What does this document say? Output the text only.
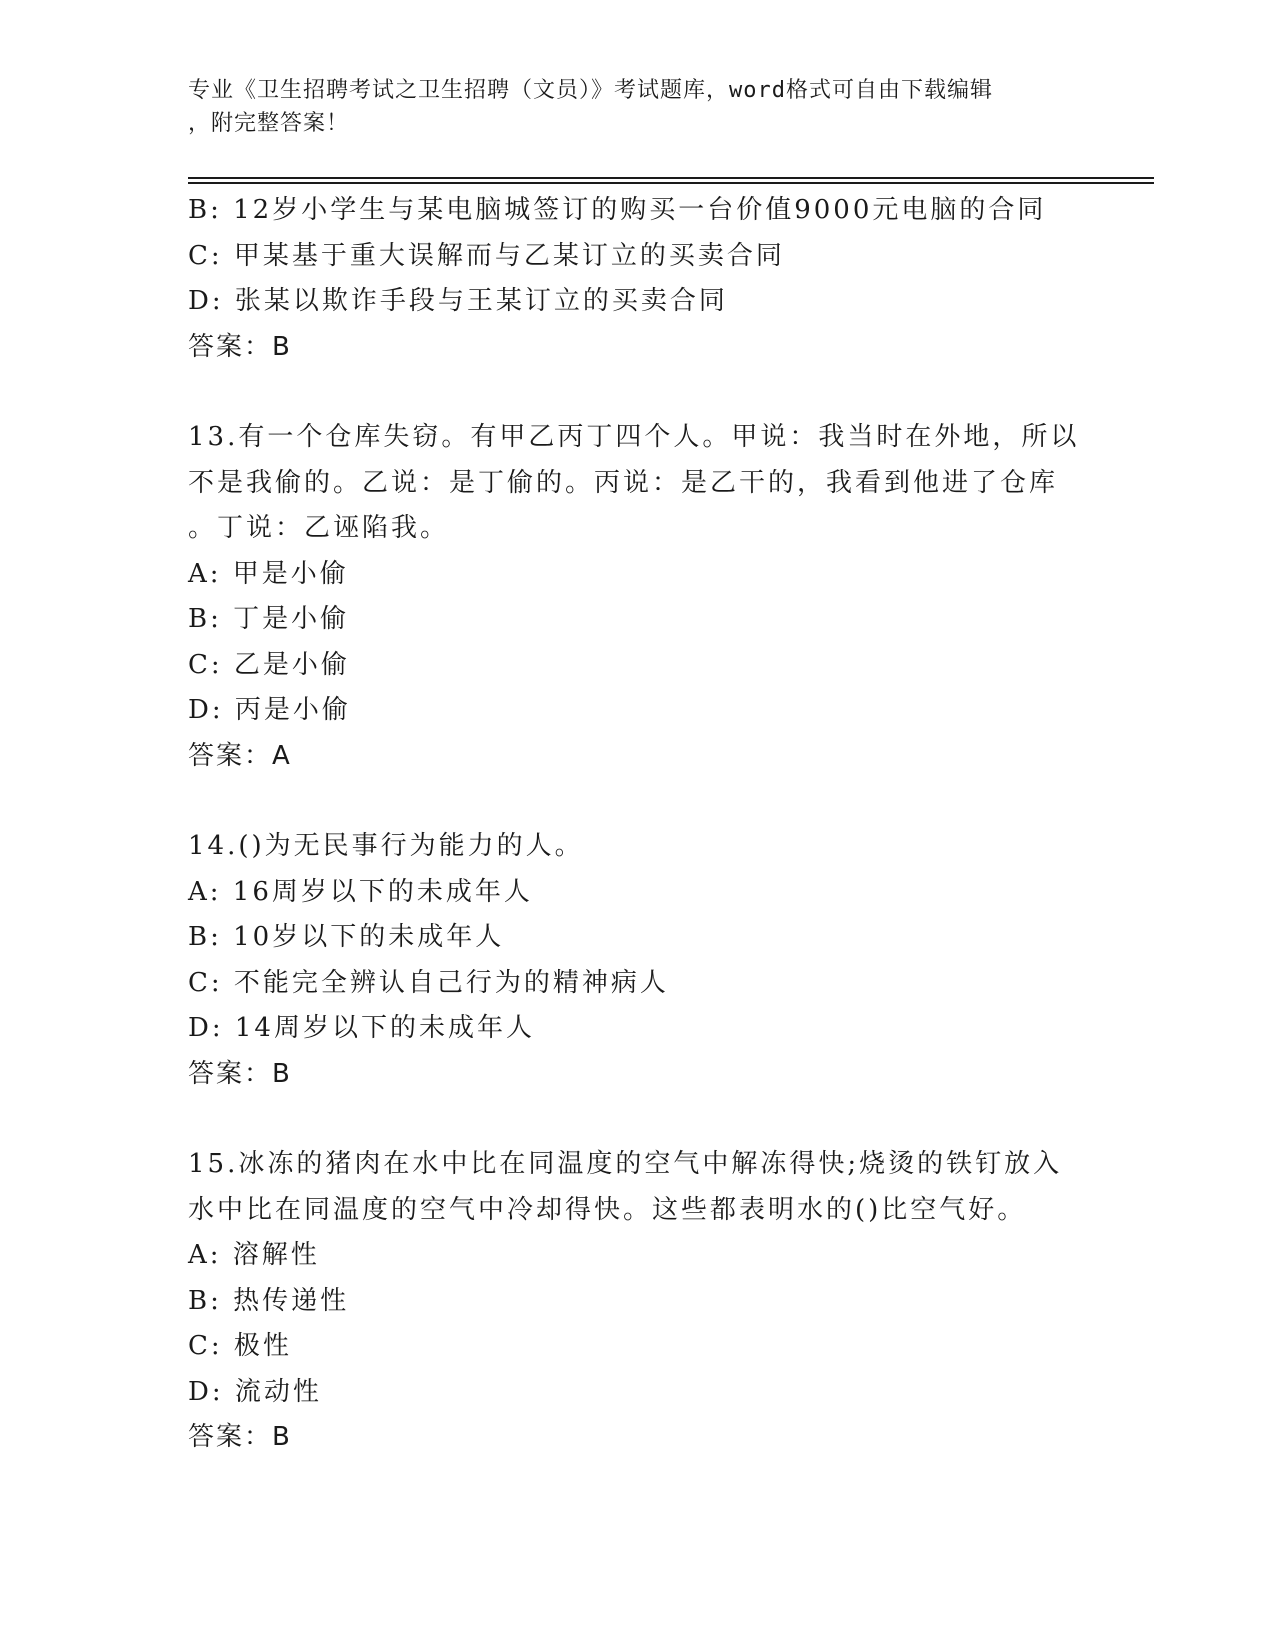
专业《卫生招聘考试之卫生招聘（文员）》考试题库，word格式可自由下载编辑
，附完整答案！
B: 12岁小学生与某电脑城签订的购买一台价值9000元电脑的合同
C: 甲某基于重大误解而与乙某订立的买卖合同
D: 张某以欺诈手段与王某订立的买卖合同
答案：B
13.有一个仓库失窃。有甲乙丙丁四个人。甲说：我当时在外地，所以
不是我偷的。乙说：是丁偷的。丙说：是乙干的，我看到他进了仓库
。丁说：乙诬陷我。
A: 甲是小偷
B: 丁是小偷
C: 乙是小偷
D: 丙是小偷
答案：A
14.()为无民事行为能力的人。
A: 16周岁以下的未成年人
B: 10岁以下的未成年人
C: 不能完全辨认自己行为的精神病人
D: 14周岁以下的未成年人
答案：B
15.冰冻的猪肉在水中比在同温度的空气中解冻得快;烧烫的铁钉放入
水中比在同温度的空气中冷却得快。这些都表明水的()比空气好。
A: 溶解性
B: 热传递性
C: 极性
D: 流动性
答案：B
